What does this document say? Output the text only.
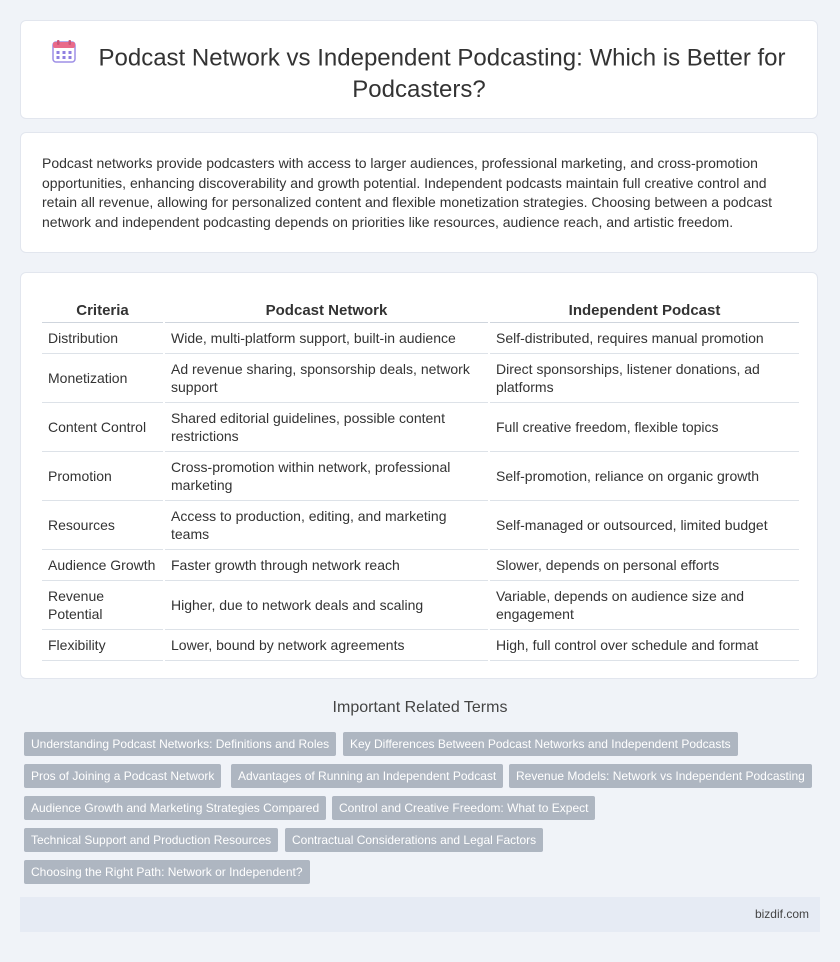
Podcast Network vs Independent Podcasting: Which is Better for Podcasters?

Podcast networks provide podcasters with access to larger audiences, professional marketing, and cross-promotion opportunities, enhancing discoverability and growth potential. Independent podcasts maintain full creative control and retain all revenue, allowing for personalized content and flexible monetization strategies. Choosing between a podcast network and independent podcasting depends on priorities like resources, audience reach, and artistic freedom.

Criteria	Podcast Network	Independent Podcast
Distribution	Wide, multi-platform support, built-in audience	Self-distributed, requires manual promotion
Monetization	Ad revenue sharing, sponsorship deals, network support	Direct sponsorships, listener donations, ad platforms
Content Control	Shared editorial guidelines, possible content restrictions	Full creative freedom, flexible topics
Promotion	Cross-promotion within network, professional marketing	Self-promotion, reliance on organic growth
Resources	Access to production, editing, and marketing teams	Self-managed or outsourced, limited budget
Audience Growth	Faster growth through network reach	Slower, depends on personal efforts
Revenue Potential	Higher, due to network deals and scaling	Variable, depends on audience size and engagement
Flexibility	Lower, bound by network agreements	High, full control over schedule and format
Important Related Terms
Understanding Podcast Networks: Definitions and Roles	Key Differences Between Podcast Networks and Independent Podcasts
Pros of Joining a Podcast Network	Advantages of Running an Independent Podcast	Revenue Models: Network vs Independent Podcasting
Audience Growth and Marketing Strategies Compared	Control and Creative Freedom: What to Expect
Technical Support and Production Resources	Contractual Considerations and Legal Factors
Choosing the Right Path: Network or Independent?
bizdif.com
